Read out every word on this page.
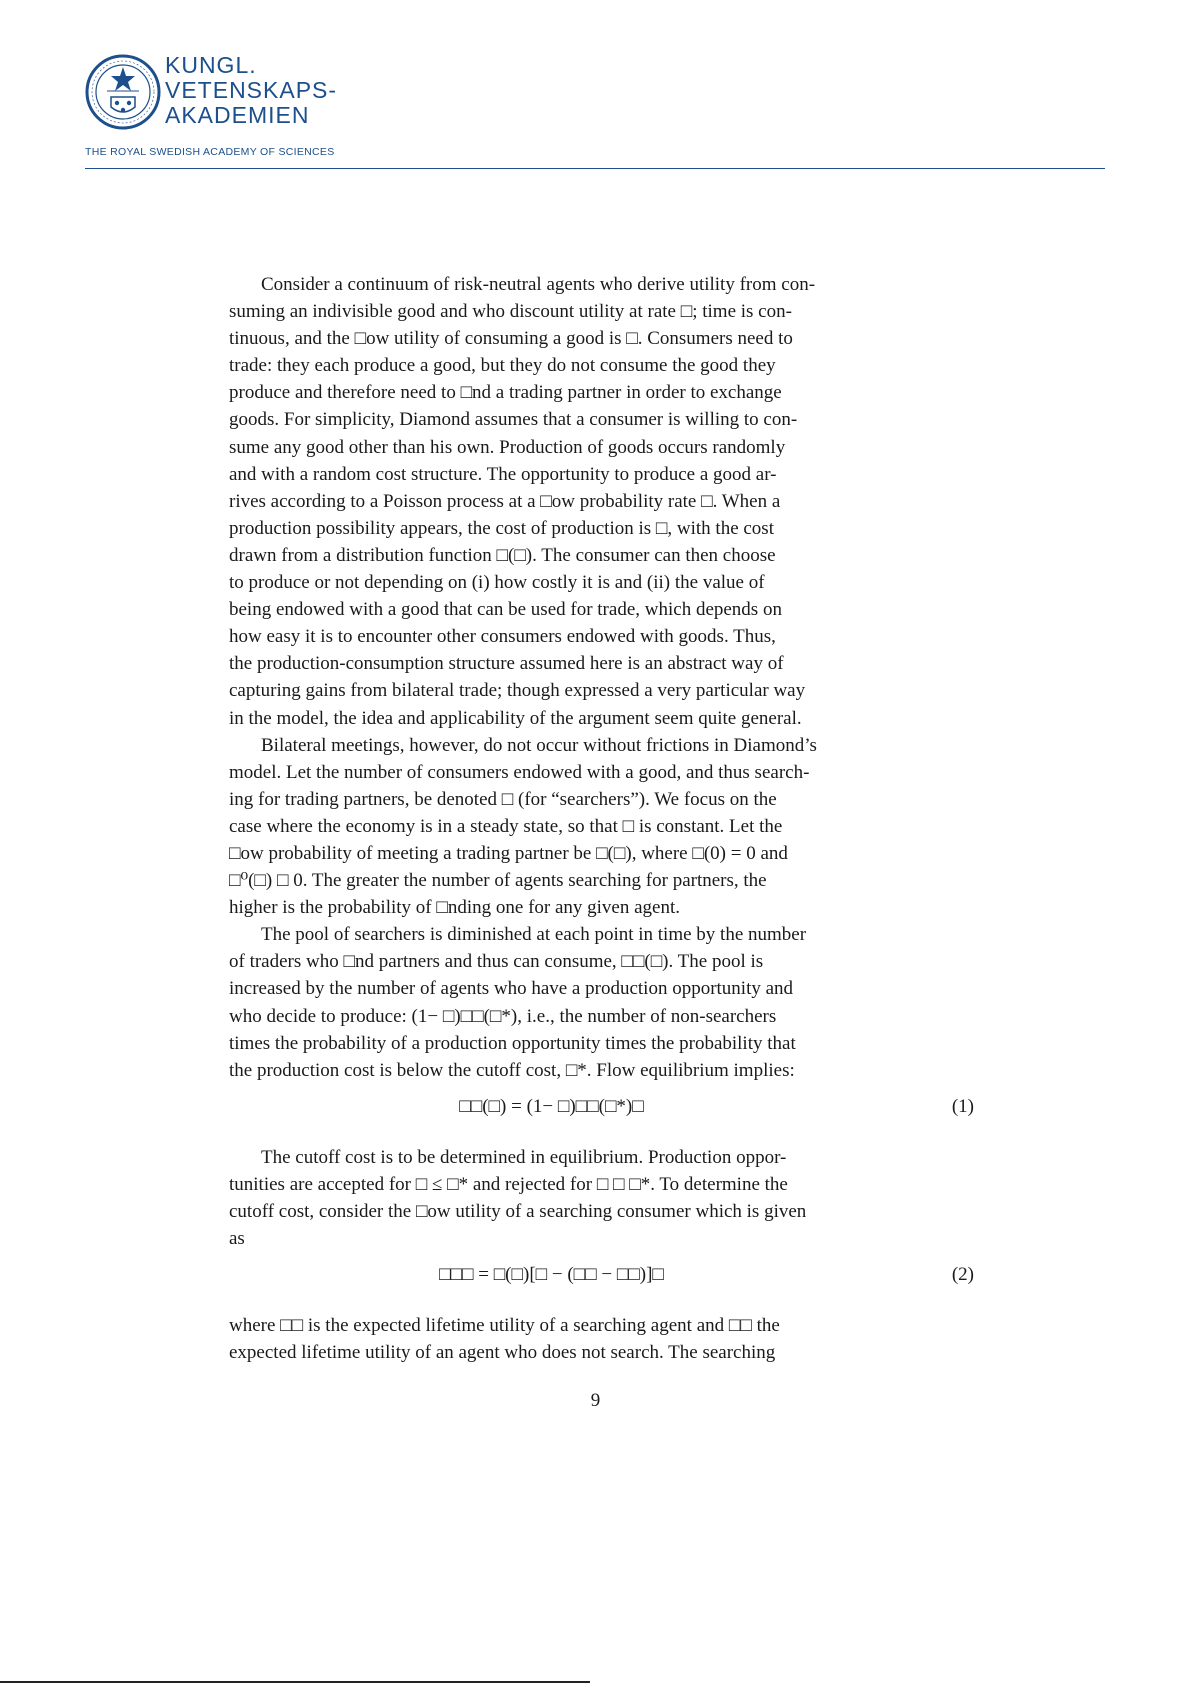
KUNGL.
VETENSKAPS-
AKADEMIEN
THE ROYAL SWEDISH ACADEMY OF SCIENCES

Consider a continuum of risk-neutral agents who derive utility from con-

suming an indivisible good and who discount utility at rate □; time is con-

tinuous, and the □ow utility of consuming a good is □. Consumers need to

trade: they each produce a good, but they do not consume the good they

produce and therefore need to □nd a trading partner in order to exchange

goods. For simplicity, Diamond assumes that a consumer is willing to con-

sume any good other than his own. Production of goods occurs randomly

and with a random cost structure. The opportunity to produce a good ar-

rives according to a Poisson process at a □ow probability rate □. When a

production possibility appears, the cost of production is □, with the cost

drawn from a distribution function □(□). The consumer can then choose

to produce or not depending on (i) how costly it is and (ii) the value of

being endowed with a good that can be used for trade, which depends on

how easy it is to encounter other consumers endowed with goods. Thus,

the production-consumption structure assumed here is an abstract way of

capturing gains from bilateral trade; though expressed a very particular way

in the model, the idea and applicability of the argument seem quite general.

Bilateral meetings, however, do not occur without frictions in Diamond’s

model. Let the number of consumers endowed with a good, and thus search-

ing for trading partners, be denoted □ (for “searchers”). We focus on the

case where the economy is in a steady state, so that □ is constant. Let the

□ow probability of meeting a trading partner be □(□), where □(0) = 0 and

□⁰(□) □ 0. The greater the number of agents searching for partners, the

higher is the probability of □nding one for any given agent.

The pool of searchers is diminished at each point in time by the number

of traders who □nd partners and thus can consume, □□(□). The pool is

increased by the number of agents who have a production opportunity and

who decide to produce: (1− □)□□(□*), i.e., the number of non-searchers

times the probability of a production opportunity times the probability that

the production cost is below the cutoff cost, □*. Flow equilibrium implies:

□□(□) = (1− □)□□(□*)□	(1)

The cutoff cost is to be determined in equilibrium. Production oppor-

tunities are accepted for □ ≤ □* and rejected for □ □ □*. To determine the

cutoff cost, consider the □ow utility of a searching consumer which is given

as

□□□ = □(□)[□ − (□□ − □□)]□	(2)

where □□ is the expected lifetime utility of a searching agent and □□ the

expected lifetime utility of an agent who does not search. The searching

9
